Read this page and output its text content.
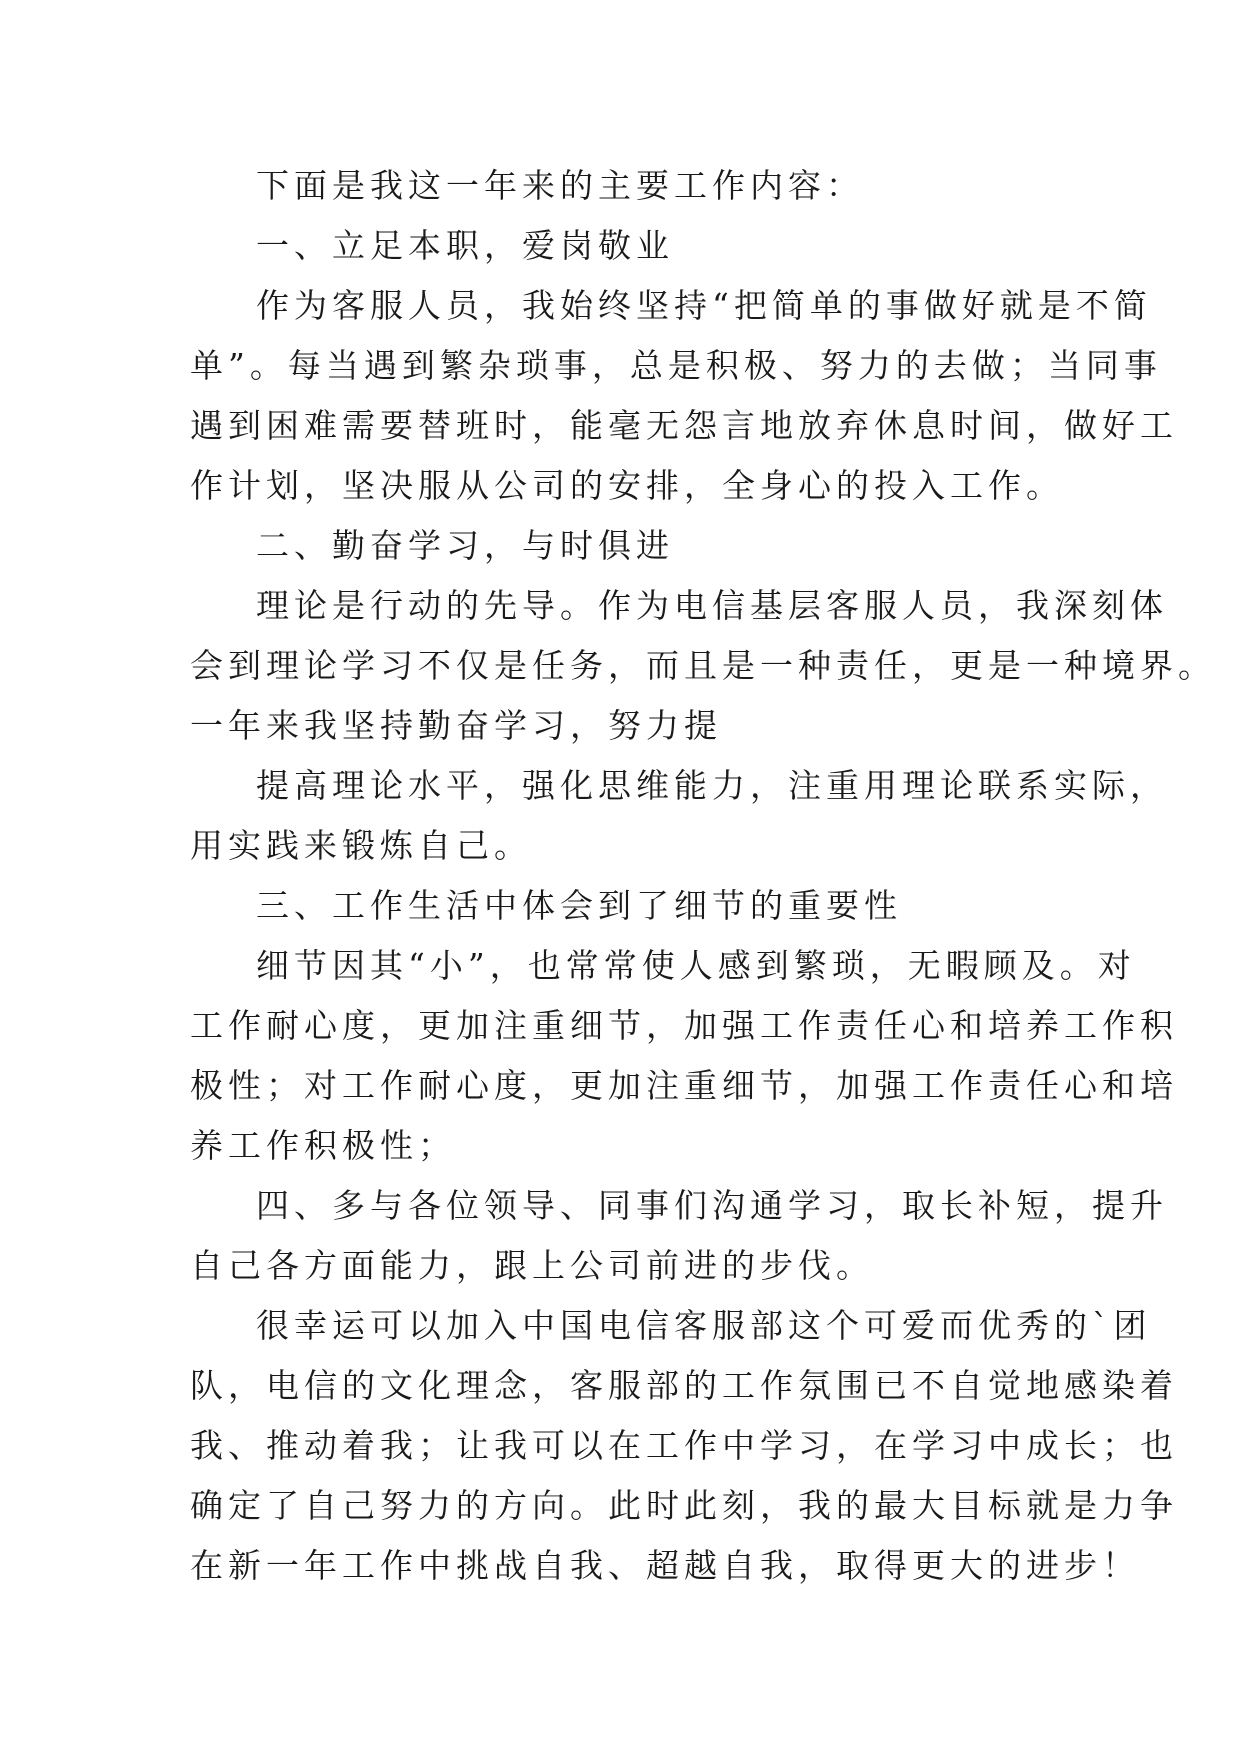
下面是我这一年来的主要工作内容：
一、立足本职，爱岗敬业
作为客服人员，我始终坚持“把简单的事做好就是不简
单”。每当遇到繁杂琐事，总是积极、努力的去做；当同事
遇到困难需要替班时，能毫无怨言地放弃休息时间，做好工
作计划，坚决服从公司的安排，全身心的投入工作。
二、勤奋学习，与时俱进
理论是行动的先导。作为电信基层客服人员，我深刻体
会到理论学习不仅是任务，而且是一种责任，更是一种境界。
一年来我坚持勤奋学习，努力提
提高理论水平，强化思维能力，注重用理论联系实际，
用实践来锻炼自己。
三、工作生活中体会到了细节的重要性
细节因其“小”，也常常使人感到繁琐，无暇顾及。对
工作耐心度，更加注重细节，加强工作责任心和培养工作积
极性；对工作耐心度，更加注重细节，加强工作责任心和培
养工作积极性；
四、多与各位领导、同事们沟通学习，取长补短，提升
自己各方面能力，跟上公司前进的步伐。
很幸运可以加入中国电信客服部这个可爱而优秀的`团
队，电信的文化理念，客服部的工作氛围已不自觉地感染着
我、推动着我；让我可以在工作中学习，在学习中成长；也
确定了自己努力的方向。此时此刻，我的最大目标就是力争
在新一年工作中挑战自我、超越自我，取得更大的进步！
